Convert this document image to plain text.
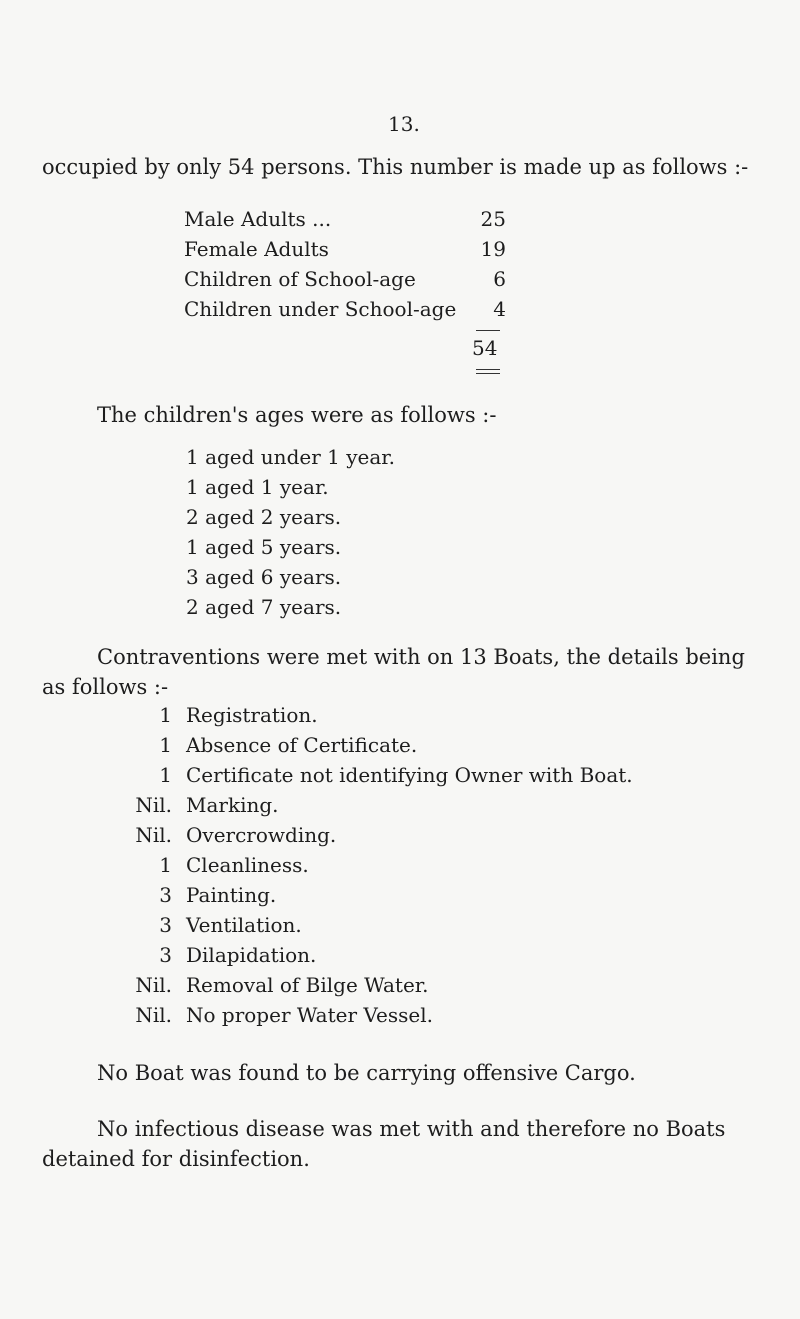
13.
occupied by only 54 persons. This number is made up as follows :-
Male Adults ...	25
Female Adults	19
Children of School-age	6
Children under School-age 4
54
The children's ages were as follows :-
1 aged under 1 year.
1 aged 1 year.
2 aged 2 years.
1 aged 5 years.
3 aged 6 years.
2 aged 7 years.
Contraventions were met with on 13 Boats, the details being
as follows :-
1 Registration.
1 Absence of Certificate.
1 Certificate not identifying Owner with Boat.
Nil. Marking.
Nil. Overcrowding.
1 Cleanliness.
3 Painting.
3 Ventilation.
3 Dilapidation.
Nil. Removal of Bilge Water.
Nil. No proper Water Vessel.
No Boat was found to be carrying offensive Cargo.
No infectious disease was met with and therefore no Boats
detained for disinfection.
